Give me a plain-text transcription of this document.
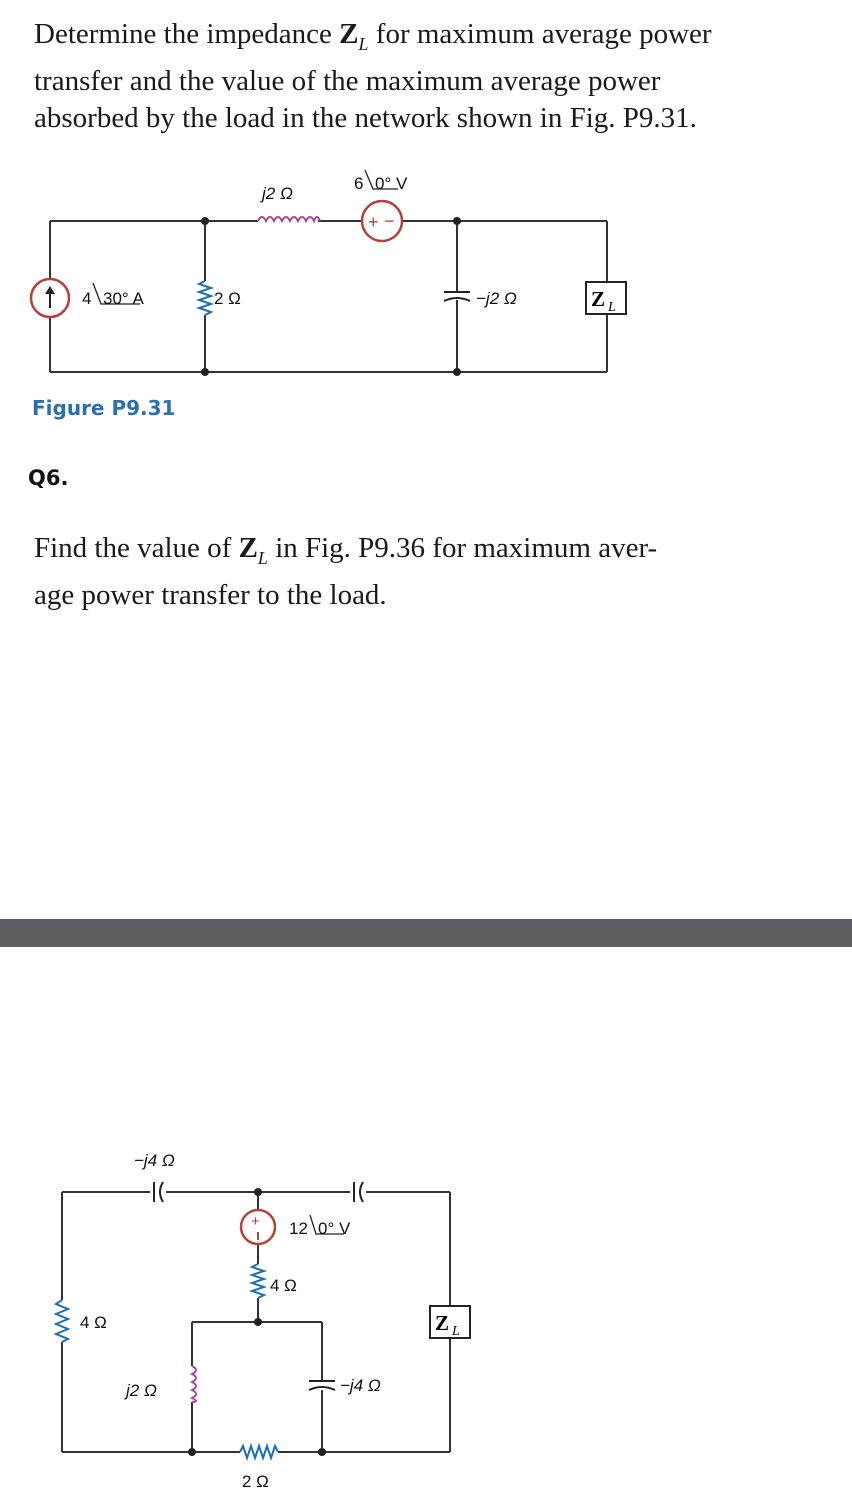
Determine the impedance $Z_L$ for maximum average power
transfer and the value of the maximum average power
absorbed by the load in the network shown in Fig. P9.31.
4 30° A	2 Ω
j2 Ω
+ −
6 0° V
−j2 Ω	Z L
Figure P9.31
Q6.
Find the value of $Z_L$ in Fig. P9.36 for maximum aver-
age power transfer to the load.
−j4 Ω
+ 12 0° V
4 Ω
4 Ω
j2 Ω	−j4 Ω
2 Ω
Z L
